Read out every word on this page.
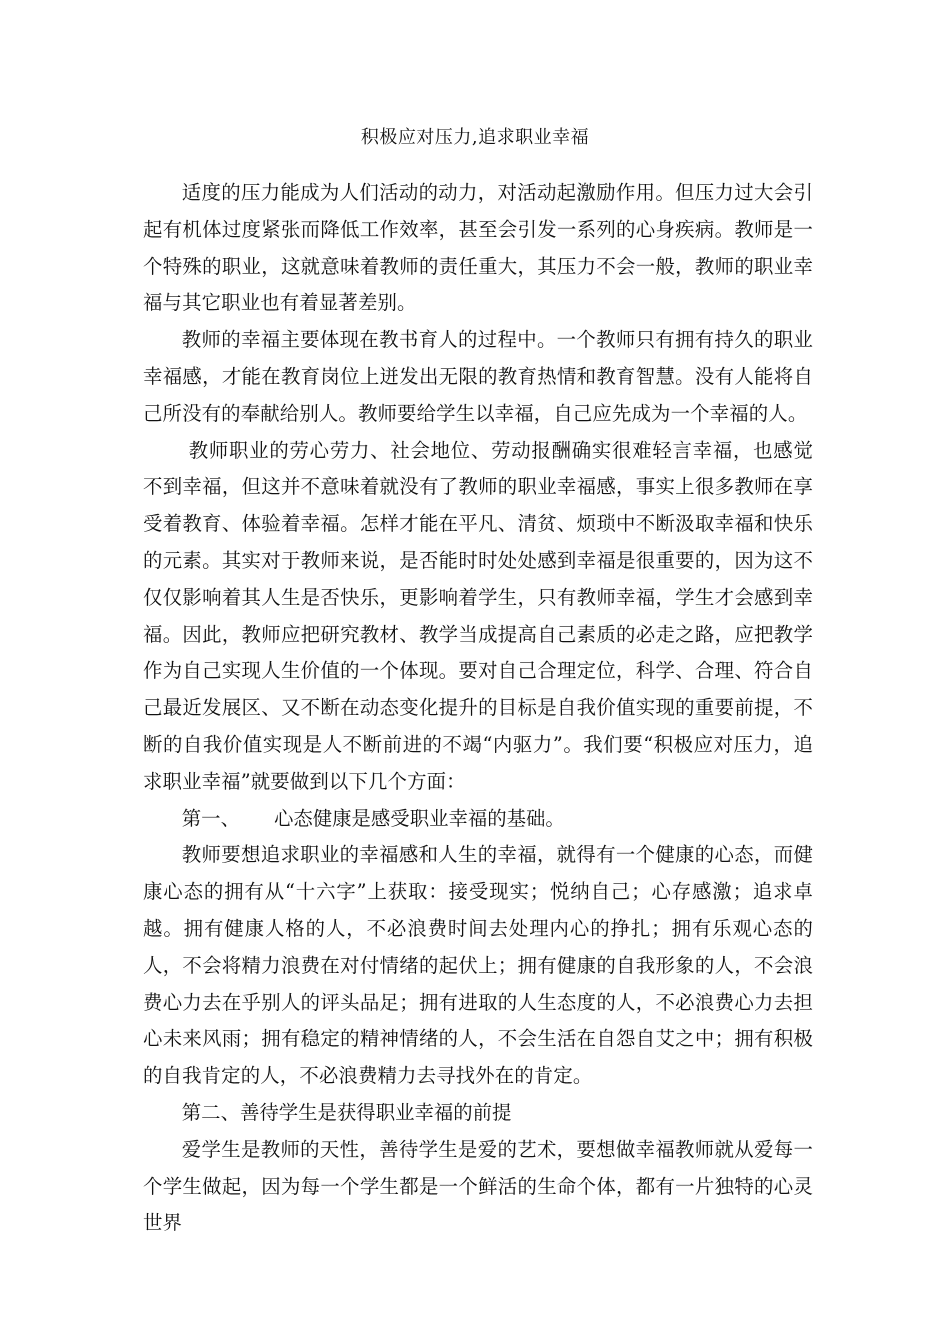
积极应对压力,追求职业幸福

适度的压力能成为人们活动的动力，对活动起激励作用。但压力过大会引起有机体过度紧张而降低工作效率，甚至会引发一系列的心身疾病。教师是一个特殊的职业，这就意味着教师的责任重大，其压力不会一般，教师的职业幸福与其它职业也有着显著差别。

教师的幸福主要体现在教书育人的过程中。一个教师只有拥有持久的职业幸福感，才能在教育岗位上迸发出无限的教育热情和教育智慧。没有人能将自己所没有的奉献给别人。教师要给学生以幸福，自己应先成为一个幸福的人。

教师职业的劳心劳力、社会地位、劳动报酬确实很难轻言幸福，也感觉不到幸福，但这并不意味着就没有了教师的职业幸福感，事实上很多教师在享受着教育、体验着幸福。怎样才能在平凡、清贫、烦琐中不断汲取幸福和快乐的元素。其实对于教师来说，是否能时时处处感到幸福是很重要的，因为这不仅仅影响着其人生是否快乐，更影响着学生，只有教师幸福，学生才会感到幸福。因此，教师应把研究教材、教学当成提高自己素质的必走之路，应把教学作为自己实现人生价值的一个体现。要对自己合理定位，科学、合理、符合自己最近发展区、又不断在动态变化提升的目标是自我价值实现的重要前提，不断的自我价值实现是人不断前进的不竭“内驱力”。我们要“积极应对压力，追求职业幸福”就要做到以下几个方面：

第一、 心态健康是感受职业幸福的基础。

教师要想追求职业的幸福感和人生的幸福，就得有一个健康的心态，而健康心态的拥有从“十六字”上获取：接受现实；悦纳自己；心存感激；追求卓越。拥有健康人格的人，不必浪费时间去处理内心的挣扎；拥有乐观心态的人，不会将精力浪费在对付情绪的起伏上；拥有健康的自我形象的人，不会浪费心力去在乎别人的评头品足；拥有进取的人生态度的人，不必浪费心力去担心未来风雨；拥有稳定的精神情绪的人，不会生活在自怨自艾之中；拥有积极的自我肯定的人，不必浪费精力去寻找外在的肯定。

第二、善待学生是获得职业幸福的前提

爱学生是教师的天性，善待学生是爱的艺术，要想做幸福教师就从爱每一个学生做起，因为每一个学生都是一个鲜活的生命个体，都有一片独特的心灵世界
